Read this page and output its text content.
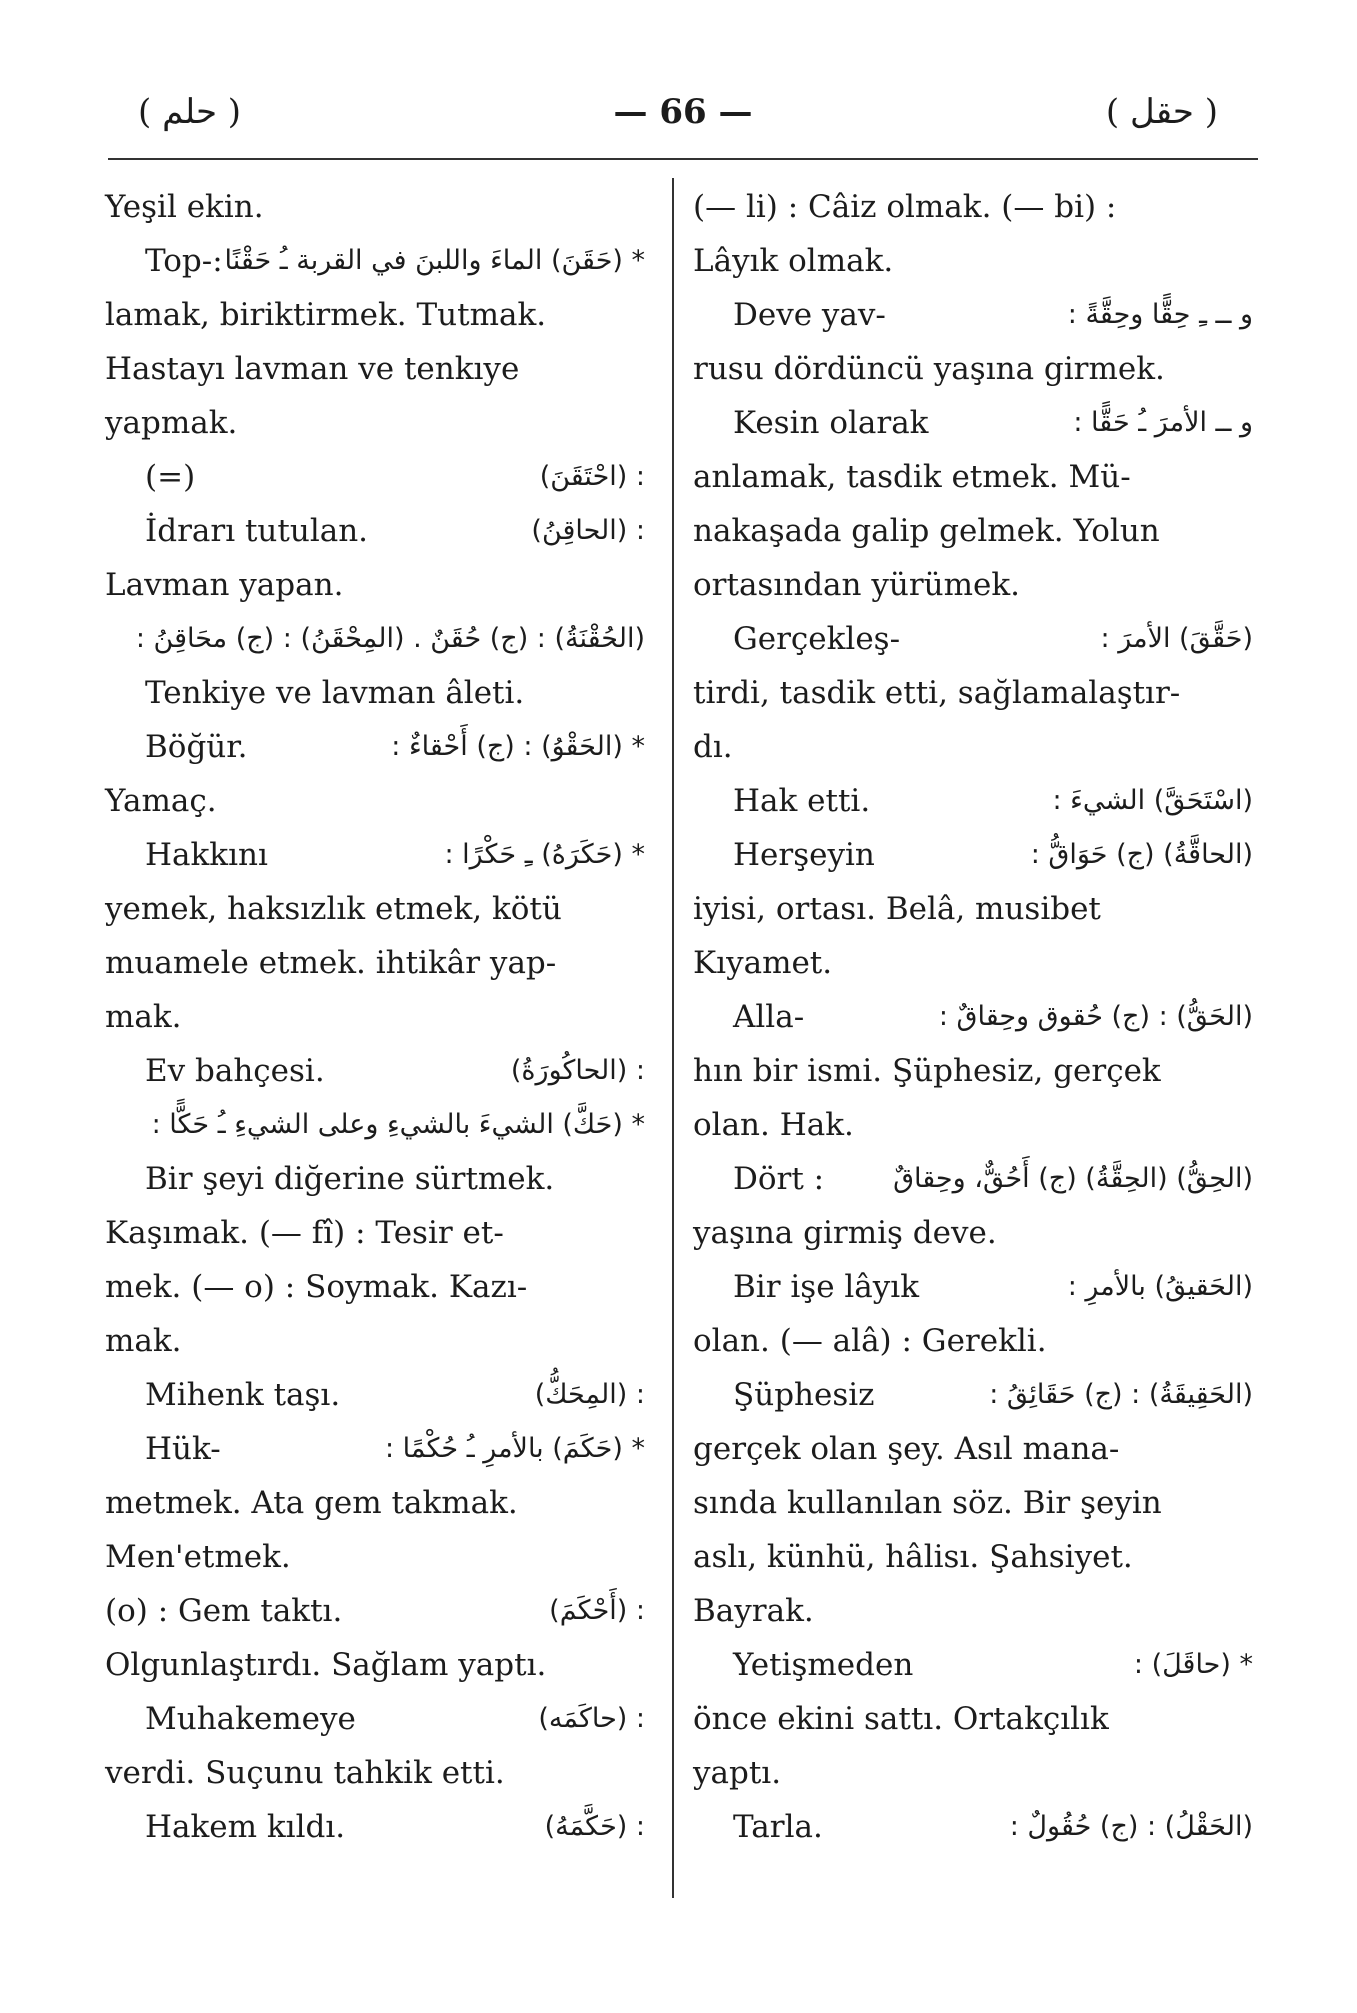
( حلم )	— 66 —	( حقل )
Yeşil ekin.
Top-: * (حَقَنَ) الماءَ واللبنَ في القربة ـُ حَقْنًا
lamak, biriktirmek. Tutmak.
Hastayı lavman ve tenkıye
yapmak.
(=)	: (احْتَقَنَ)
İdrarı tutulan.	: (الحاقِنُ)
Lavman yapan.
(الحُقْنَةُ) : (ج) حُقَنٌ . (المِحْقَنُ) : (ج) محَاقِنُ :
Tenkiye ve lavman âleti.
Böğür.	* (الحَقْوُ) : (ج) أَحْقاءٌ :
Yamaç.
Hakkını	* (حَكَرَهُ) ـِ حَكْرًا :
yemek, haksızlık etmek, kötü
muamele etmek. ihtikâr yap-
mak.
Ev bahçesi.	: (الحاكُورَةُ)
* (حَكَّ) الشيءَ بالشيءِ وعلى الشيءِ ـُ حَكًّا :
Bir şeyi diğerine sürtmek.
Kaşımak. (— fî) : Tesir et-
mek. (— o) : Soymak. Kazı-
mak.
Mihenk taşı.	: (المِحَكُّ)
Hük-	* (حَكَمَ) بالأمرِ ـُ حُكْمًا :
metmek. Ata gem takmak.
Men'etmek.
(o) : Gem taktı.	: (أَحْكَمَ)
Olgunlaştırdı. Sağlam yaptı.
Muhakemeye	: (حاكَمَه)
verdi. Suçunu tahkik etti.
Hakem kıldı.	: (حَكَّمَهُ)
(— li) : Câiz olmak. (— bi) :
Lâyık olmak.
Deve yav-	و ــ ـِ حِقًّا وحِقَّةً :
rusu dördüncü yaşına girmek.
Kesin olarak	و ــ الأمرَ ـُ حَقًّا :
anlamak, tasdik etmek. Mü-
nakaşada galip gelmek. Yolun
ortasından yürümek.
Gerçekleş-	(حَقَّقَ) الأمرَ :
tirdi, tasdik etti, sağlamalaştır-
dı.
Hak etti.	(اسْتَحَقَّ) الشيءَ :
Herşeyin	(الحاقَّةُ) (ج) حَوَاقُّ :
iyisi, ortası. Belâ, musibet
Kıyamet.
Alla-	(الحَقُّ) : (ج) حُقوق وحِقاقٌ :
hın bir ismi. Şüphesiz, gerçek
olan. Hak.
Dört :	(الحِقُّ) (الحِقَّةُ) (ج) أَحُقٌّ، وحِقاقٌ
yaşına girmiş deve.
Bir işe lâyık	(الحَقيقُ) بالأمرِ :
olan. (— alâ) : Gerekli.
Şüphesiz	(الحَقِيقَةُ) : (ج) حَقَائِقُ :
gerçek olan şey. Asıl mana-
sında kullanılan söz. Bir şeyin
aslı, künhü, hâlisı. Şahsiyet.
Bayrak.
Yetişmeden	* (حاقَلَ) :
önce ekini sattı. Ortakçılık
yaptı.
Tarla.	(الحَقْلُ) : (ج) حُقُولٌ :
